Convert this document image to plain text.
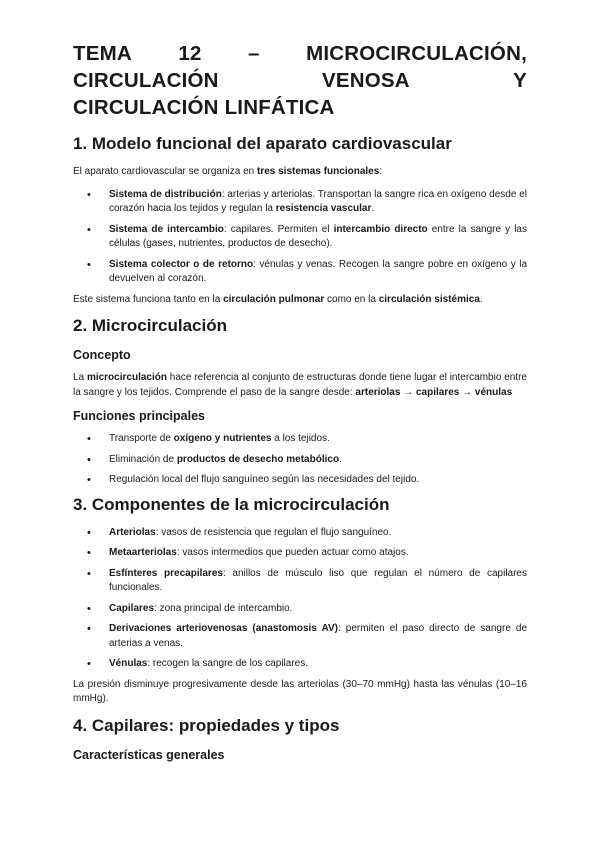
TEMA 12 – MICROCIRCULACIÓN,
CIRCULACIÓN	VENOSA	Y
CIRCULACIÓN LINFÁTICA
1. Modelo funcional del aparato cardiovascular

El aparato cardiovascular se organiza en tres sistemas funcionales:

• Sistema de distribución: arterias y arteriolas. Transportan la sangre rica en oxígeno desde el corazón hacia los tejidos y regulan la resistencia vascular.
• Sistema de intercambio: capilares. Permiten el intercambio directo entre la sangre y las células (gases, nutrientes, productos de desecho).
• Sistema colector o de retorno: vénulas y venas. Recogen la sangre pobre en oxígeno y la devuelven al corazón.

Este sistema funciona tanto en la circulación pulmonar como en la circulación sistémica.

2. Microcirculación
Concepto

La microcirculación hace referencia al conjunto de estructuras donde tiene lugar el intercambio entre la sangre y los tejidos. Comprende el paso de la sangre desde: arteriolas → capilares → vénulas

Funciones principales
• Transporte de oxígeno y nutrientes a los tejidos.
• Eliminación de productos de desecho metabólico.
• Regulación local del flujo sanguíneo según las necesidades del tejido.
3. Componentes de la microcirculación
• Arteriolas: vasos de resistencia que regulan el flujo sanguíneo.
• Metaarteriolas: vasos intermedios que pueden actuar como atajos.
• Esfínteres precapilares: anillos de músculo liso que regulan el número de capilares funcionales.
• Capilares: zona principal de intercambio.
• Derivaciones arteriovenosas (anastomosis AV): permiten el paso directo de sangre de arterias a venas.
• Vénulas: recogen la sangre de los capilares.

La presión disminuye progresivamente desde las arteriolas (30–70 mmHg) hasta las vénulas (10–16 mmHg).

4. Capilares: propiedades y tipos
Características generales
